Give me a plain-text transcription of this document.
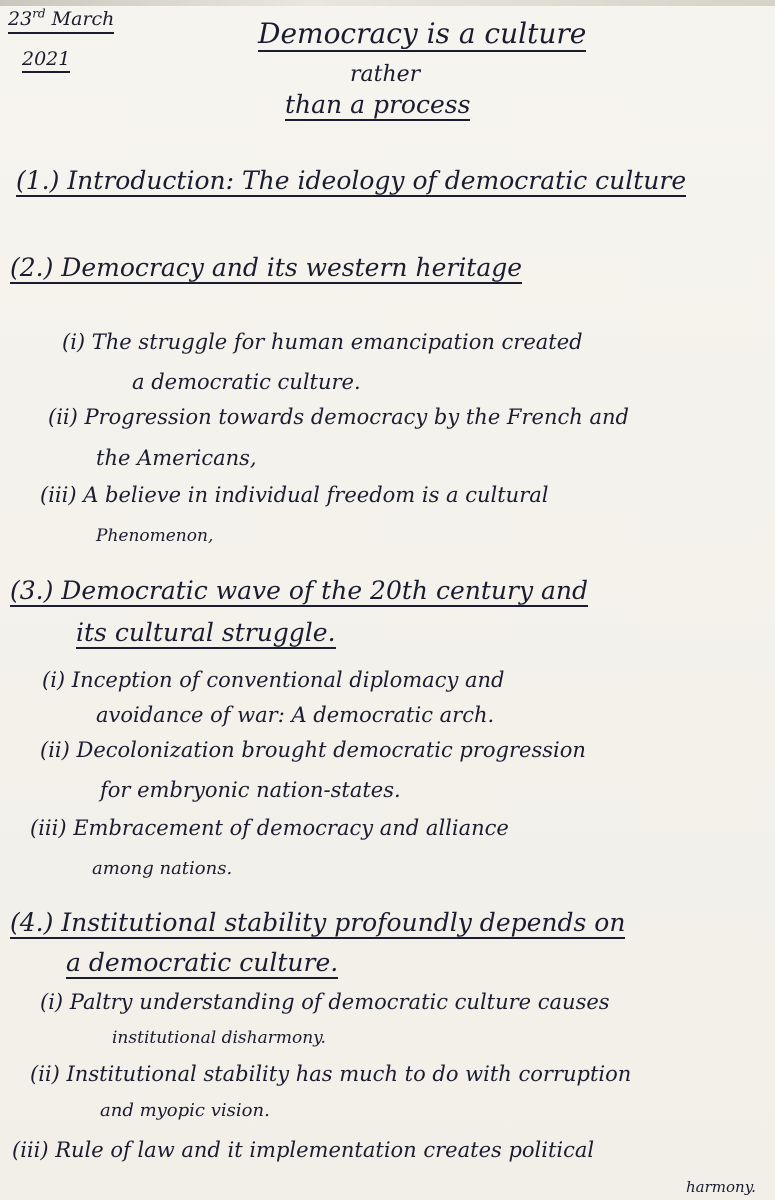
23rd March
2021
Democracy is a culture
rather
than a process
(1.) Introduction: The ideology of democratic culture
(2.) Democracy and its western heritage
(i) The struggle for human emancipation created
a democratic culture.
(ii) Progression towards democracy by the French and
the Americans,
(iii) A believe in individual freedom is a cultural
Phenomenon,
(3.) Democratic wave of the 20th century and
its cultural struggle.
(i) Inception of conventional diplomacy and
avoidance of war: A democratic arch.
(ii) Decolonization brought democratic progression
for embryonic nation-states.
(iii) Embracement of democracy and alliance
among nations.
(4.) Institutional stability profoundly depends on
a democratic culture.
(i) Paltry understanding of democratic culture causes
institutional disharmony.
(ii) Institutional stability has much to do with corruption
and myopic vision.
(iii) Rule of law and it implementation creates political
harmony.
